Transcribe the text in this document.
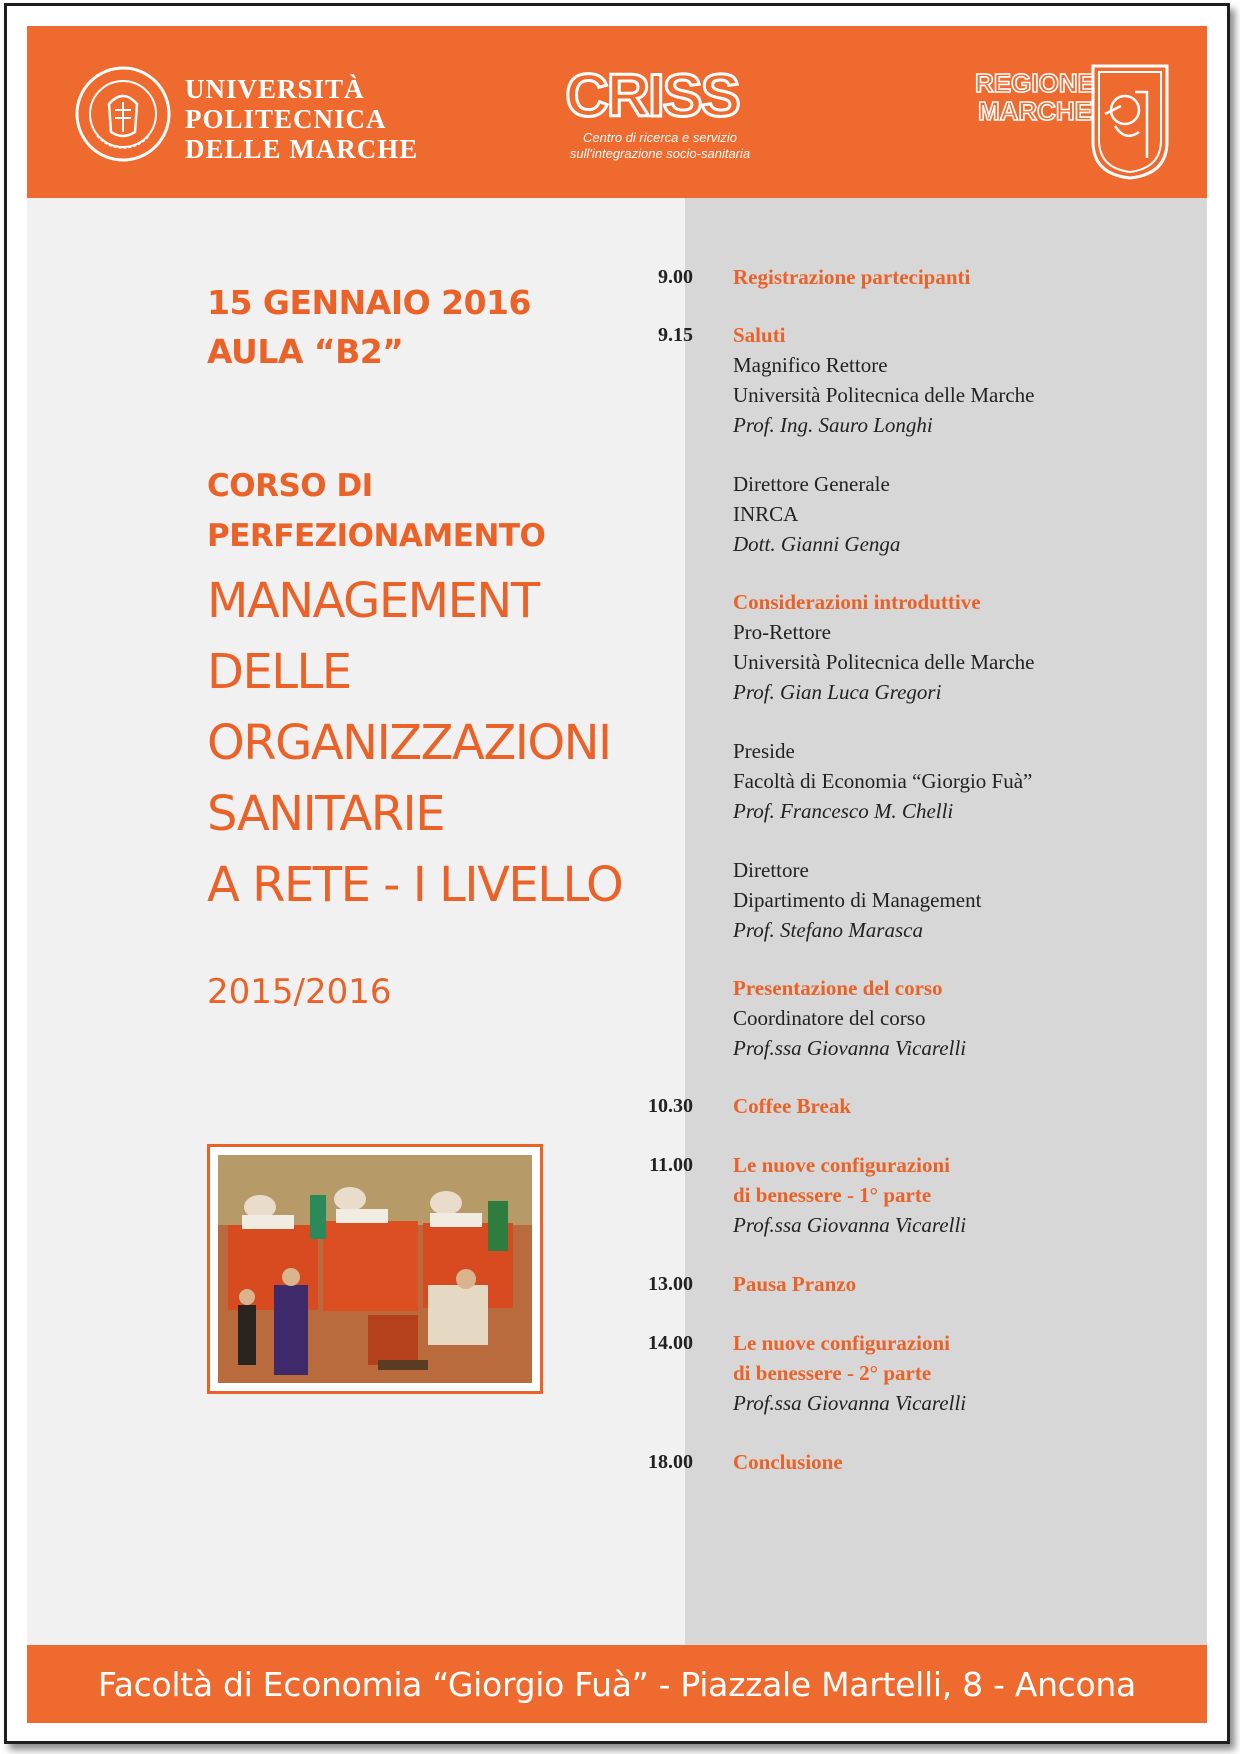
UNIVERSITÀ
POLITECNICA
DELLE MARCHE
CRISS
Centro di ricerca e servizio
sull'integrazione socio-sanitaria
REGIONE
MARCHE
15 GENNAIO 2016
AULA “B2”
CORSO DI
PERFEZIONAMENTO
MANAGEMENT
DELLE
ORGANIZZAZIONI
SANITARIE
A RETE - I LIVELLO
2015/2016
9.00 Registrazione partecipanti
9.15 Saluti
Magnifico Rettore
Università Politecnica delle Marche
Prof. Ing. Sauro Longhi
Direttore Generale
INRCA
Dott. Gianni Genga
Considerazioni introduttive
Pro-Rettore
Università Politecnica delle Marche
Prof. Gian Luca Gregori
Preside
Facoltà di Economia “Giorgio Fuà”
Prof. Francesco M. Chelli
Direttore
Dipartimento di Management
Prof. Stefano Marasca
Presentazione del corso
Coordinatore del corso
Prof.ssa Giovanna Vicarelli
10.30 Coffee Break
11.00 Le nuove configurazioni
di benessere - 1° parte
Prof.ssa Giovanna Vicarelli
13.00 Pausa Pranzo
14.00 Le nuove configurazioni
di benessere - 2° parte
Prof.ssa Giovanna Vicarelli
18.00 Conclusione
Facoltà di Economia “Giorgio Fuà” - Piazzale Martelli, 8 - Ancona
